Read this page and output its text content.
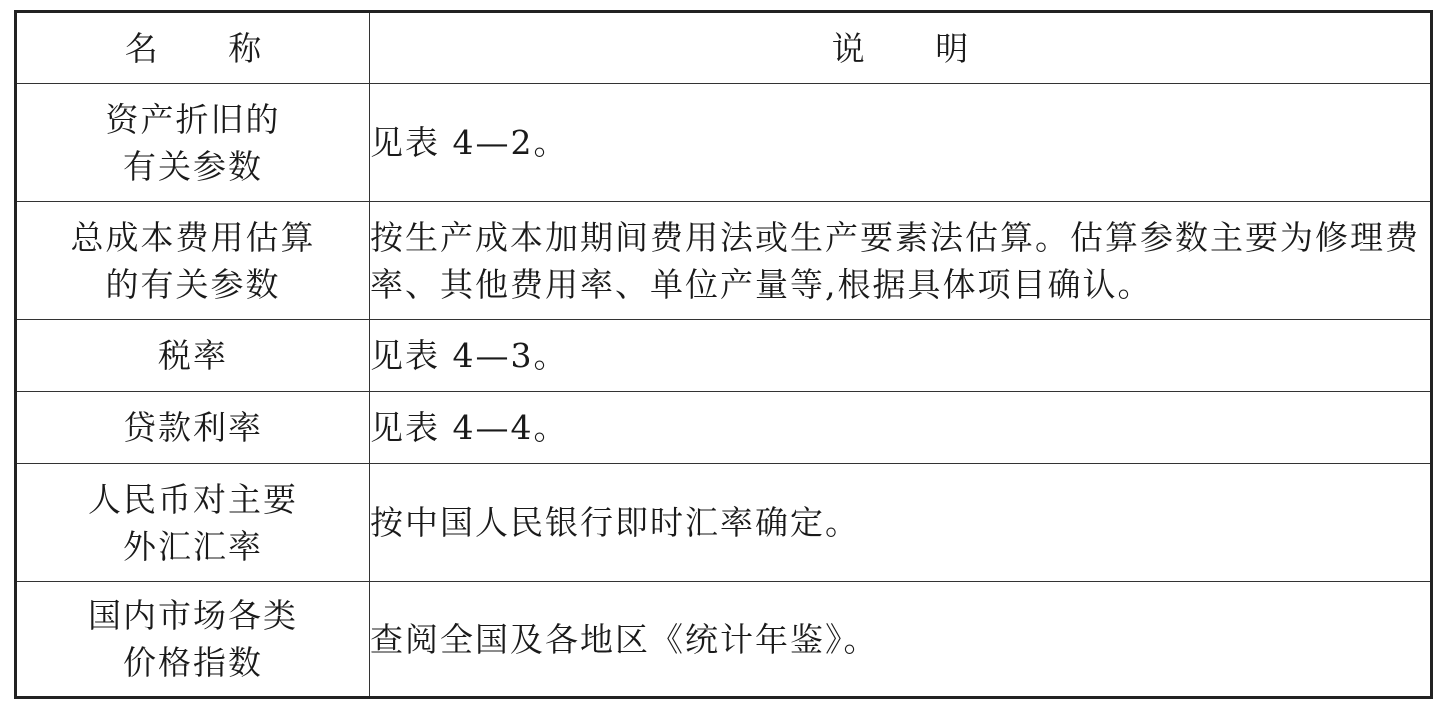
名 称	说 明
资产折旧的
有关参数	见表 4—2。
总成本费用估算
的有关参数	按生产成本加期间费用法或生产要素法估算。估算参数主要为修理费率、其他费用率、单位产量等,根据具体项目确认。
税率	见表 4—3。
贷款利率	见表 4—4。
人民币对主要
外汇汇率	按中国人民银行即时汇率确定。
国内市场各类
价格指数	查阅全国及各地区《统计年鉴》。
